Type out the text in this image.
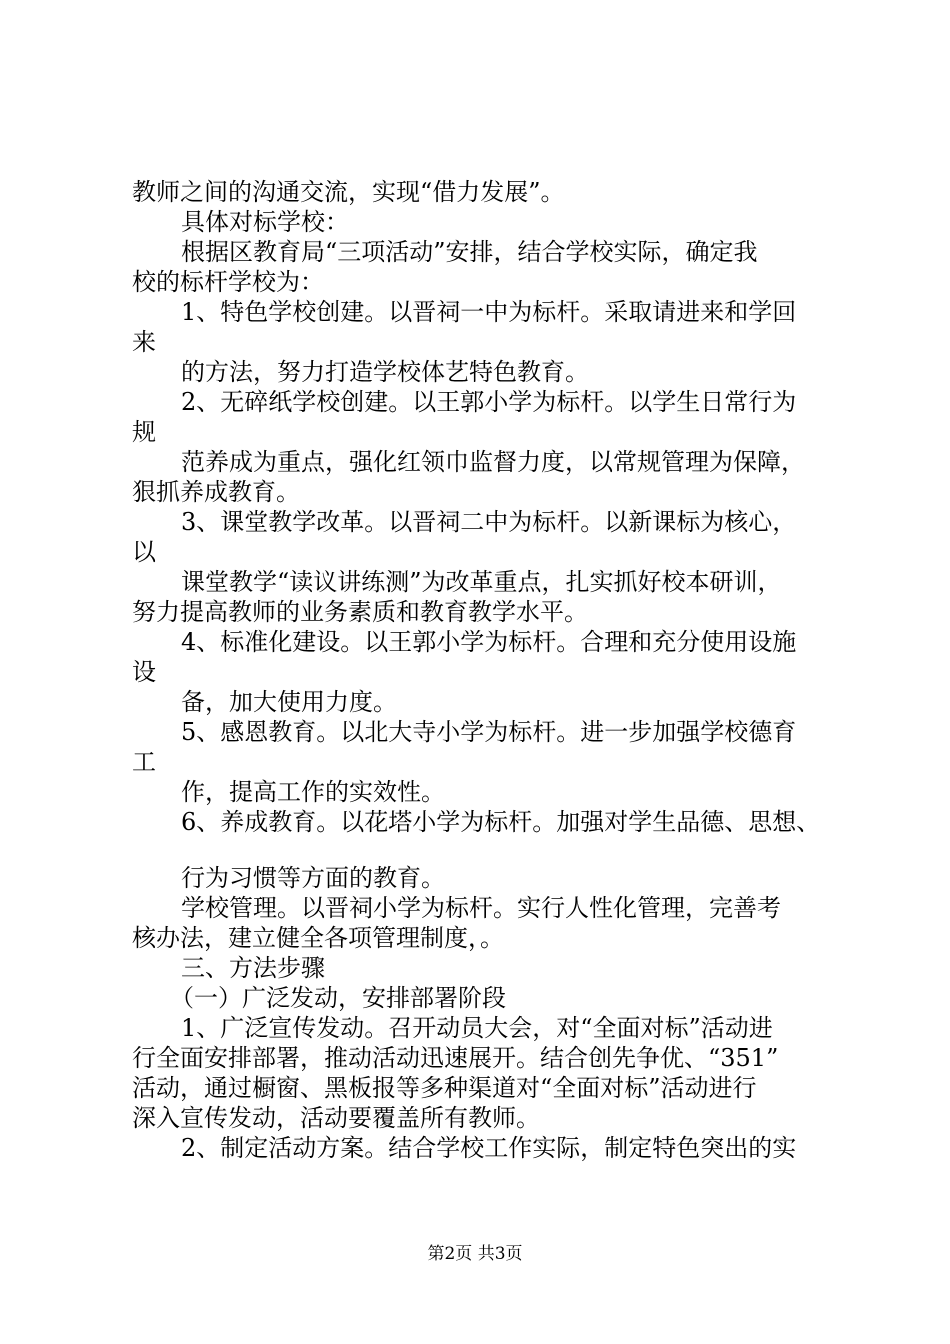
教师之间的沟通交流，实现“借力发展”。
具体对标学校：
根据区教育局“三项活动”安排，结合学校实际，确定我
校的标杆学校为：
1、特色学校创建。以晋祠一中为标杆。采取请进来和学回
来
的方法，努力打造学校体艺特色教育。
2、无碎纸学校创建。以王郭小学为标杆。以学生日常行为
规
范养成为重点，强化红领巾监督力度，以常规管理为保障，
狠抓养成教育。
3、课堂教学改革。以晋祠二中为标杆。以新课标为核心，
以
课堂教学“读议讲练测”为改革重点，扎实抓好校本研训，
努力提高教师的业务素质和教育教学水平。
4、标准化建设。以王郭小学为标杆。合理和充分使用设施
设
备，加大使用力度。
5、感恩教育。以北大寺小学为标杆。进一步加强学校德育
工
作，提高工作的实效性。
6、养成教育。以花塔小学为标杆。加强对学生品德、思想、
行为习惯等方面的教育。
学校管理。以晋祠小学为标杆。实行人性化管理，完善考
核办法，建立健全各项管理制度，。
三、方法步骤
（一）广泛发动，安排部署阶段
1、广泛宣传发动。召开动员大会，对“全面对标”活动进
行全面安排部署，推动活动迅速展开。结合创先争优、“351”
活动，通过橱窗、黑板报等多种渠道对“全面对标”活动进行
深入宣传发动，活动要覆盖所有教师。
2、制定活动方案。结合学校工作实际，制定特色突出的实
第2页 共3页
